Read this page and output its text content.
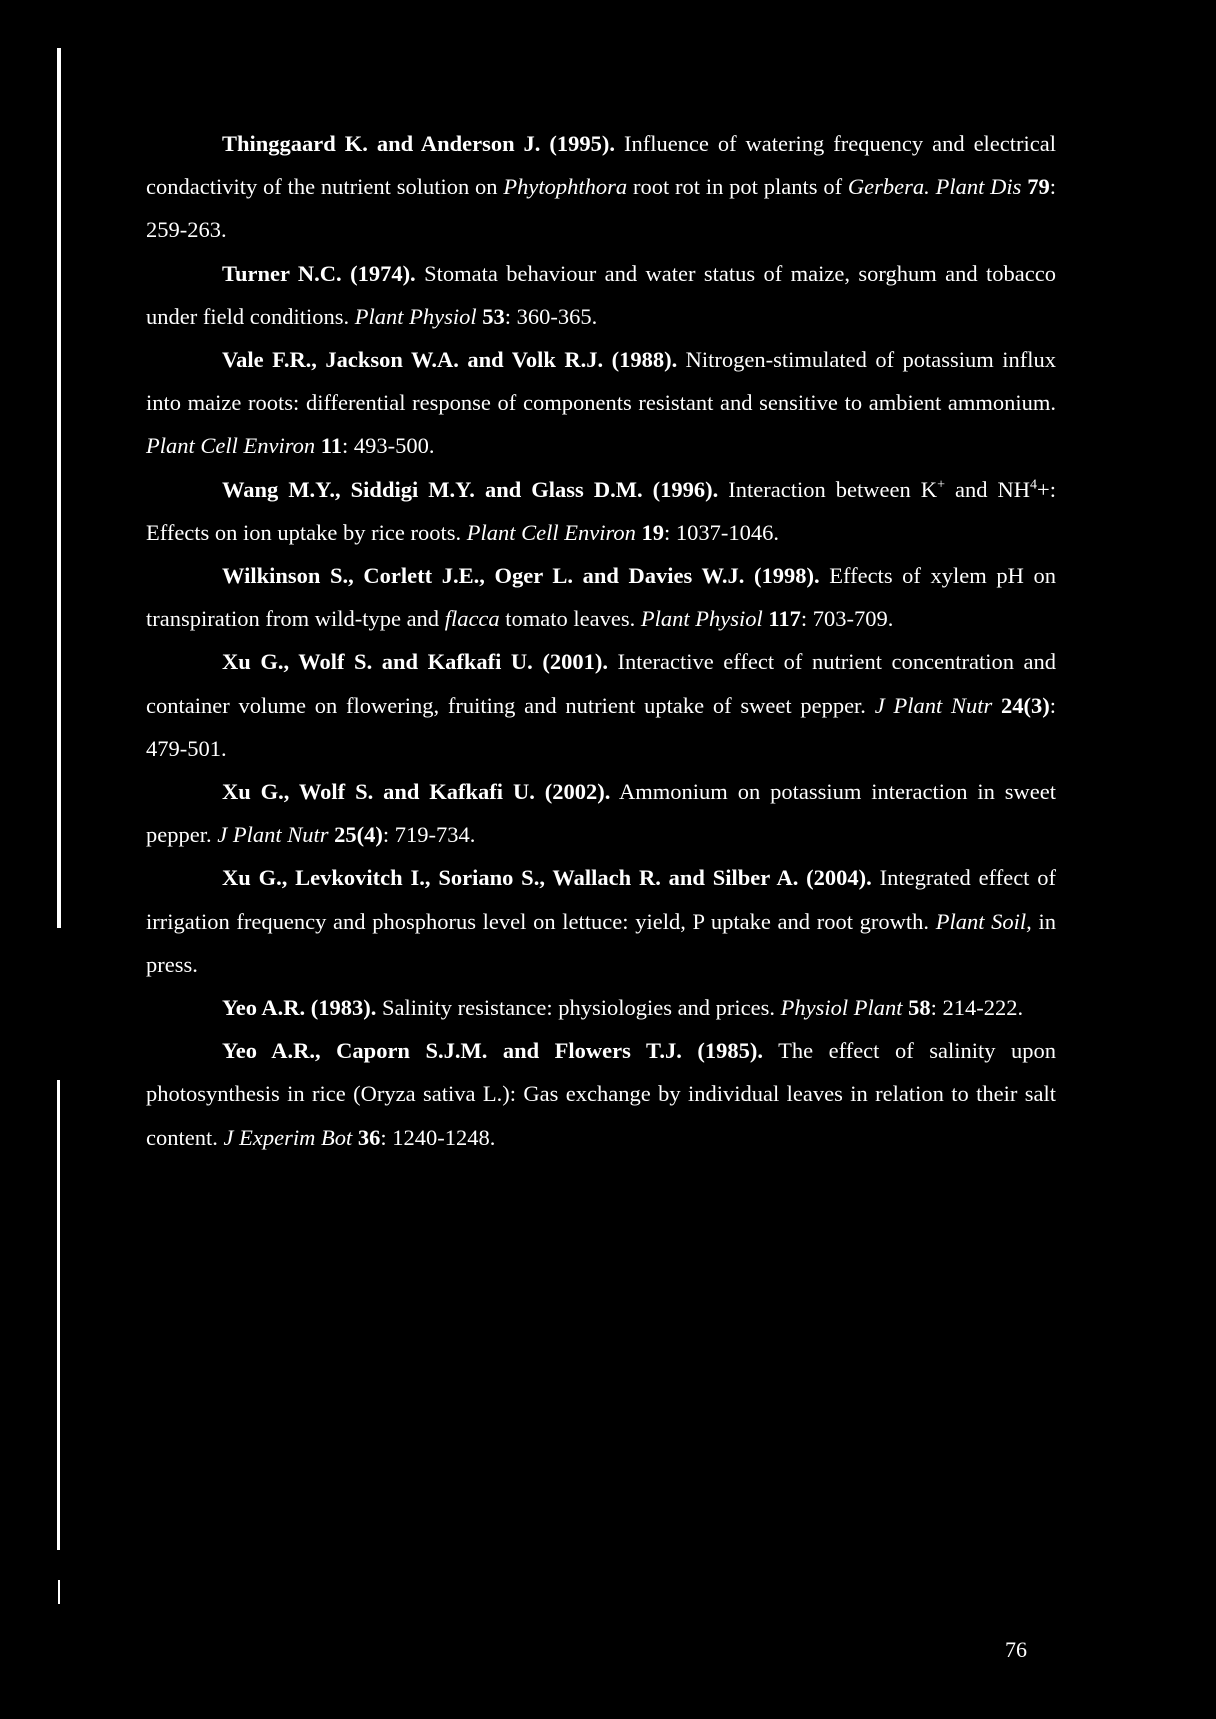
Thinggaard K. and Anderson J. (1995). Influence of watering frequency and electrical condactivity of the nutrient solution on Phytophthora root rot in pot plants of Gerbera. Plant Dis 79: 259-263.

Turner N.C. (1974). Stomata behaviour and water status of maize, sorghum and tobacco under field conditions. Plant Physiol 53: 360-365.

Vale F.R., Jackson W.A. and Volk R.J. (1988). Nitrogen-stimulated of potassium influx into maize roots: differential response of components resistant and sensitive to ambient ammonium. Plant Cell Environ 11: 493-500.

Wang M.Y., Siddigi M.Y. and Glass D.M. (1996). Interaction between K+ and $NH^4+$: Effects on ion uptake by rice roots. Plant Cell Environ 19: 1037-1046.

Wilkinson S., Corlett J.E., Oger L. and Davies W.J. (1998). Effects of xylem pH on transpiration from wild-type and flacca tomato leaves. Plant Physiol 117: 703-709.

Xu G., Wolf S. and Kafkafi U. (2001). Interactive effect of nutrient concentration and container volume on flowering, fruiting and nutrient uptake of sweet pepper. J Plant Nutr 24(3): 479-501.

Xu G., Wolf S. and Kafkafi U. (2002). Ammonium on potassium interaction in sweet pepper. J Plant Nutr 25(4): 719-734.

Xu G., Levkovitch I., Soriano S., Wallach R. and Silber A. (2004). Integrated effect of irrigation frequency and phosphorus level on lettuce: yield, P uptake and root growth. Plant Soil, in press.

Yeo A.R. (1983). Salinity resistance: physiologies and prices. Physiol Plant 58: 214-222.

Yeo A.R., Caporn S.J.M. and Flowers T.J. (1985). The effect of salinity upon photosynthesis in rice (Oryza sativa L.): Gas exchange by individual leaves in relation to their salt content. J Experim Bot 36: 1240-1248.

76
